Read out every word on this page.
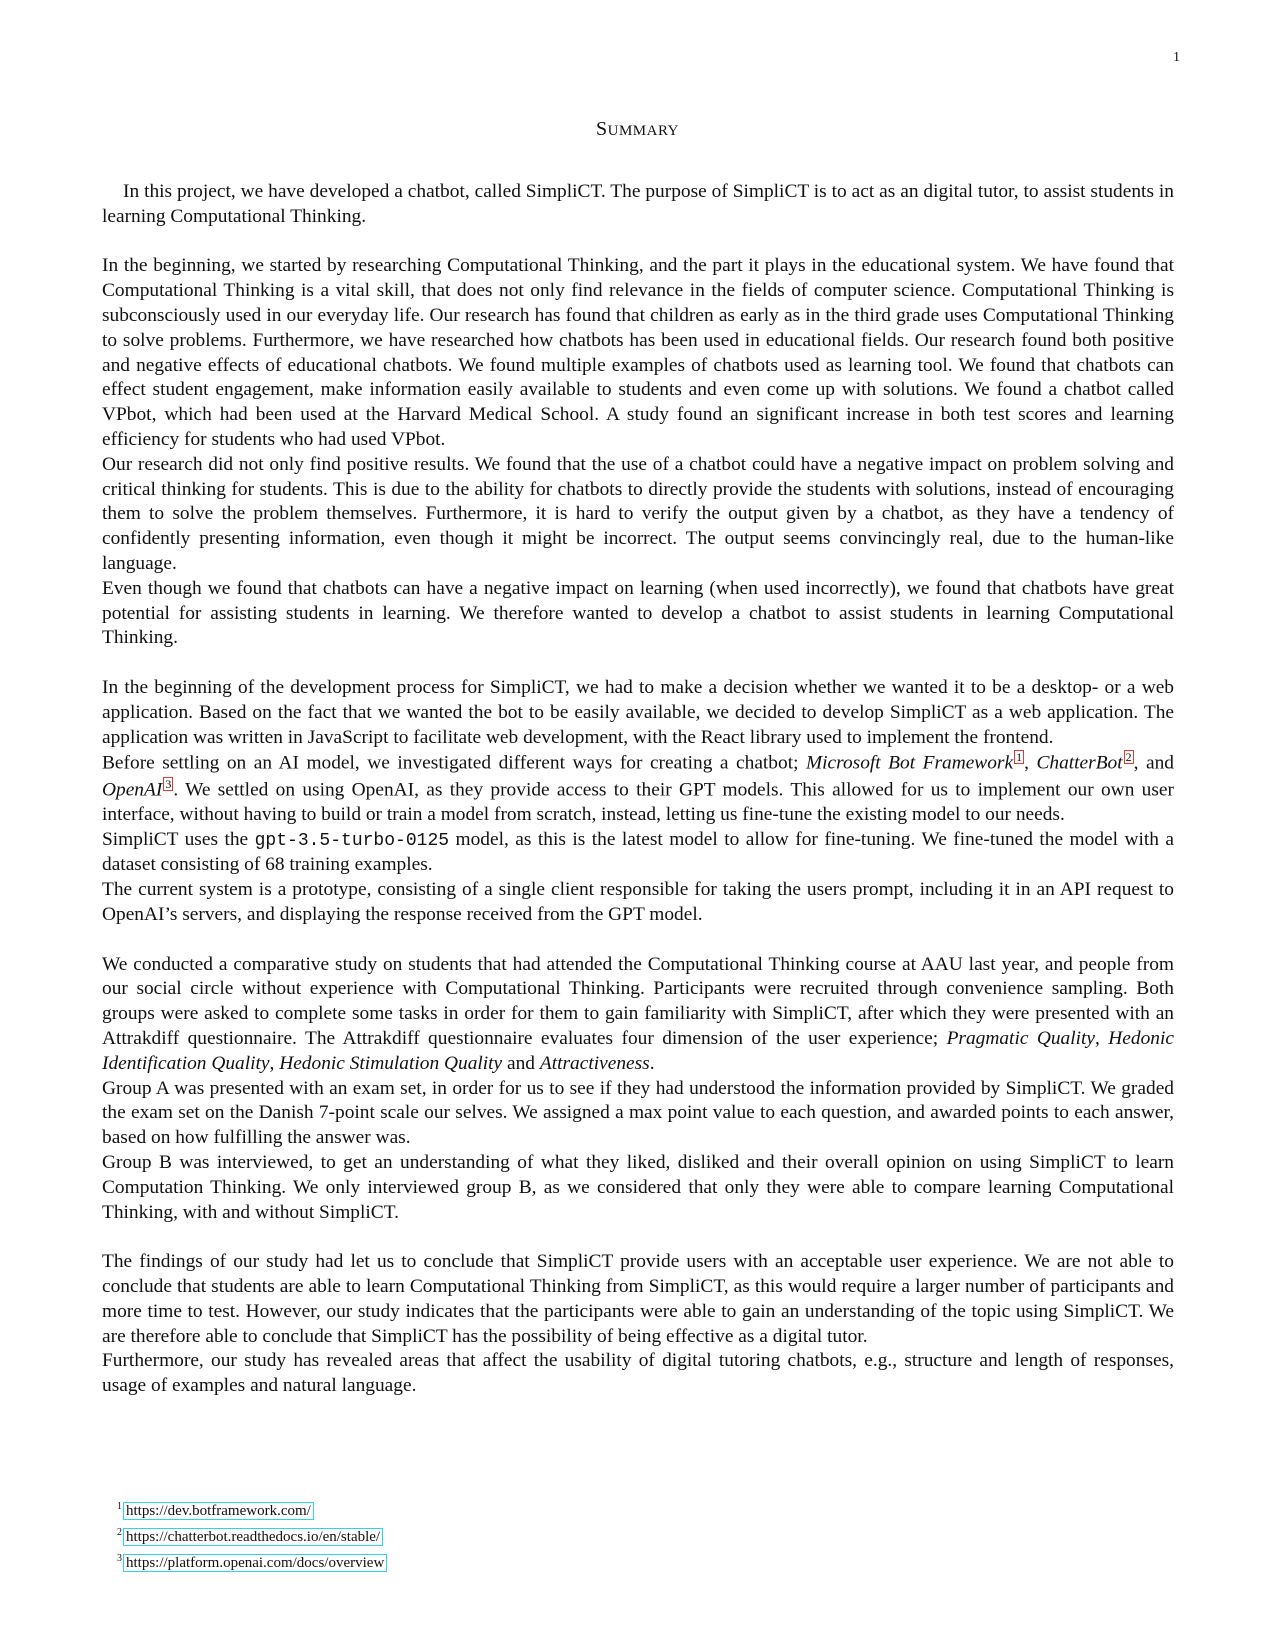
1
SUMMARY

In this project, we have developed a chatbot, called SimpliCT. The purpose of SimpliCT is to act as an digital tutor, to assist students in learning Computational Thinking.

In the beginning, we started by researching Computational Thinking, and the part it plays in the educational system. We have found that Computational Thinking is a vital skill, that does not only find relevance in the fields of computer science. Computational Thinking is subconsciously used in our everyday life. Our research has found that children as early as in the third grade uses Computational Thinking to solve problems. Furthermore, we have researched how chatbots has been used in educational fields. Our research found both positive and negative effects of educational chatbots. We found multiple examples of chatbots used as learning tool. We found that chatbots can effect student engagement, make information easily available to students and even come up with solutions. We found a chatbot called VPbot, which had been used at the Harvard Medical School. A study found an significant increase in both test scores and learning efficiency for students who had used VPbot.

Our research did not only find positive results. We found that the use of a chatbot could have a negative impact on problem solving and critical thinking for students. This is due to the ability for chatbots to directly provide the students with solutions, instead of encouraging them to solve the problem themselves. Furthermore, it is hard to verify the output given by a chatbot, as they have a tendency of confidently presenting information, even though it might be incorrect. The output seems convincingly real, due to the human-like language.

Even though we found that chatbots can have a negative impact on learning (when used incorrectly), we found that chatbots have great potential for assisting students in learning. We therefore wanted to develop a chatbot to assist students in learning Computational Thinking.

In the beginning of the development process for SimpliCT, we had to make a decision whether we wanted it to be a desktop- or a web application. Based on the fact that we wanted the bot to be easily available, we decided to develop SimpliCT as a web application. The application was written in JavaScript to facilitate web development, with the React library used to implement the frontend.

Before settling on an AI model, we investigated different ways for creating a chatbot; Microsoft Bot Framework 1 , ChatterBot 2 , and OpenAI 3 . We settled on using OpenAI, as they provide access to their GPT models. This allowed for us to implement our own user interface, without having to build or train a model from scratch, instead, letting us fine-tune the existing model to our needs.

SimpliCT uses the gpt-3.5-turbo-0125 model, as this is the latest model to allow for fine-tuning. We fine-tuned the model with a dataset consisting of 68 training examples.

The current system is a prototype, consisting of a single client responsible for taking the users prompt, including it in an API request to OpenAI’s servers, and displaying the response received from the GPT model.

We conducted a comparative study on students that had attended the Computational Thinking course at AAU last year, and people from our social circle without experience with Computational Thinking. Participants were recruited through convenience sampling. Both groups were asked to complete some tasks in order for them to gain familiarity with SimpliCT, after which they were presented with an Attrakdiff questionnaire. The Attrakdiff questionnaire evaluates four dimension of the user experience; Pragmatic Quality, Hedonic Identification Quality, Hedonic Stimulation Quality and Attractiveness.

Group A was presented with an exam set, in order for us to see if they had understood the information provided by SimpliCT. We graded the exam set on the Danish 7-point scale our selves. We assigned a max point value to each question, and awarded points to each answer, based on how fulfilling the answer was.

Group B was interviewed, to get an understanding of what they liked, disliked and their overall opinion on using SimpliCT to learn Computation Thinking. We only interviewed group B, as we considered that only they were able to compare learning Computational Thinking, with and without SimpliCT.

The findings of our study had let us to conclude that SimpliCT provide users with an acceptable user experience. We are not able to conclude that students are able to learn Computational Thinking from SimpliCT, as this would require a larger number of participants and more time to test. However, our study indicates that the participants were able to gain an understanding of the topic using SimpliCT. We are therefore able to conclude that SimpliCT has the possibility of being effective as a digital tutor.

Furthermore, our study has revealed areas that affect the usability of digital tutoring chatbots, e.g., structure and length of responses, usage of examples and natural language.

$^1$ https://dev.botframework.com/

$^2$ https://chatterbot.readthedocs.io/en/stable/

$^3$ https://platform.openai.com/docs/overview
